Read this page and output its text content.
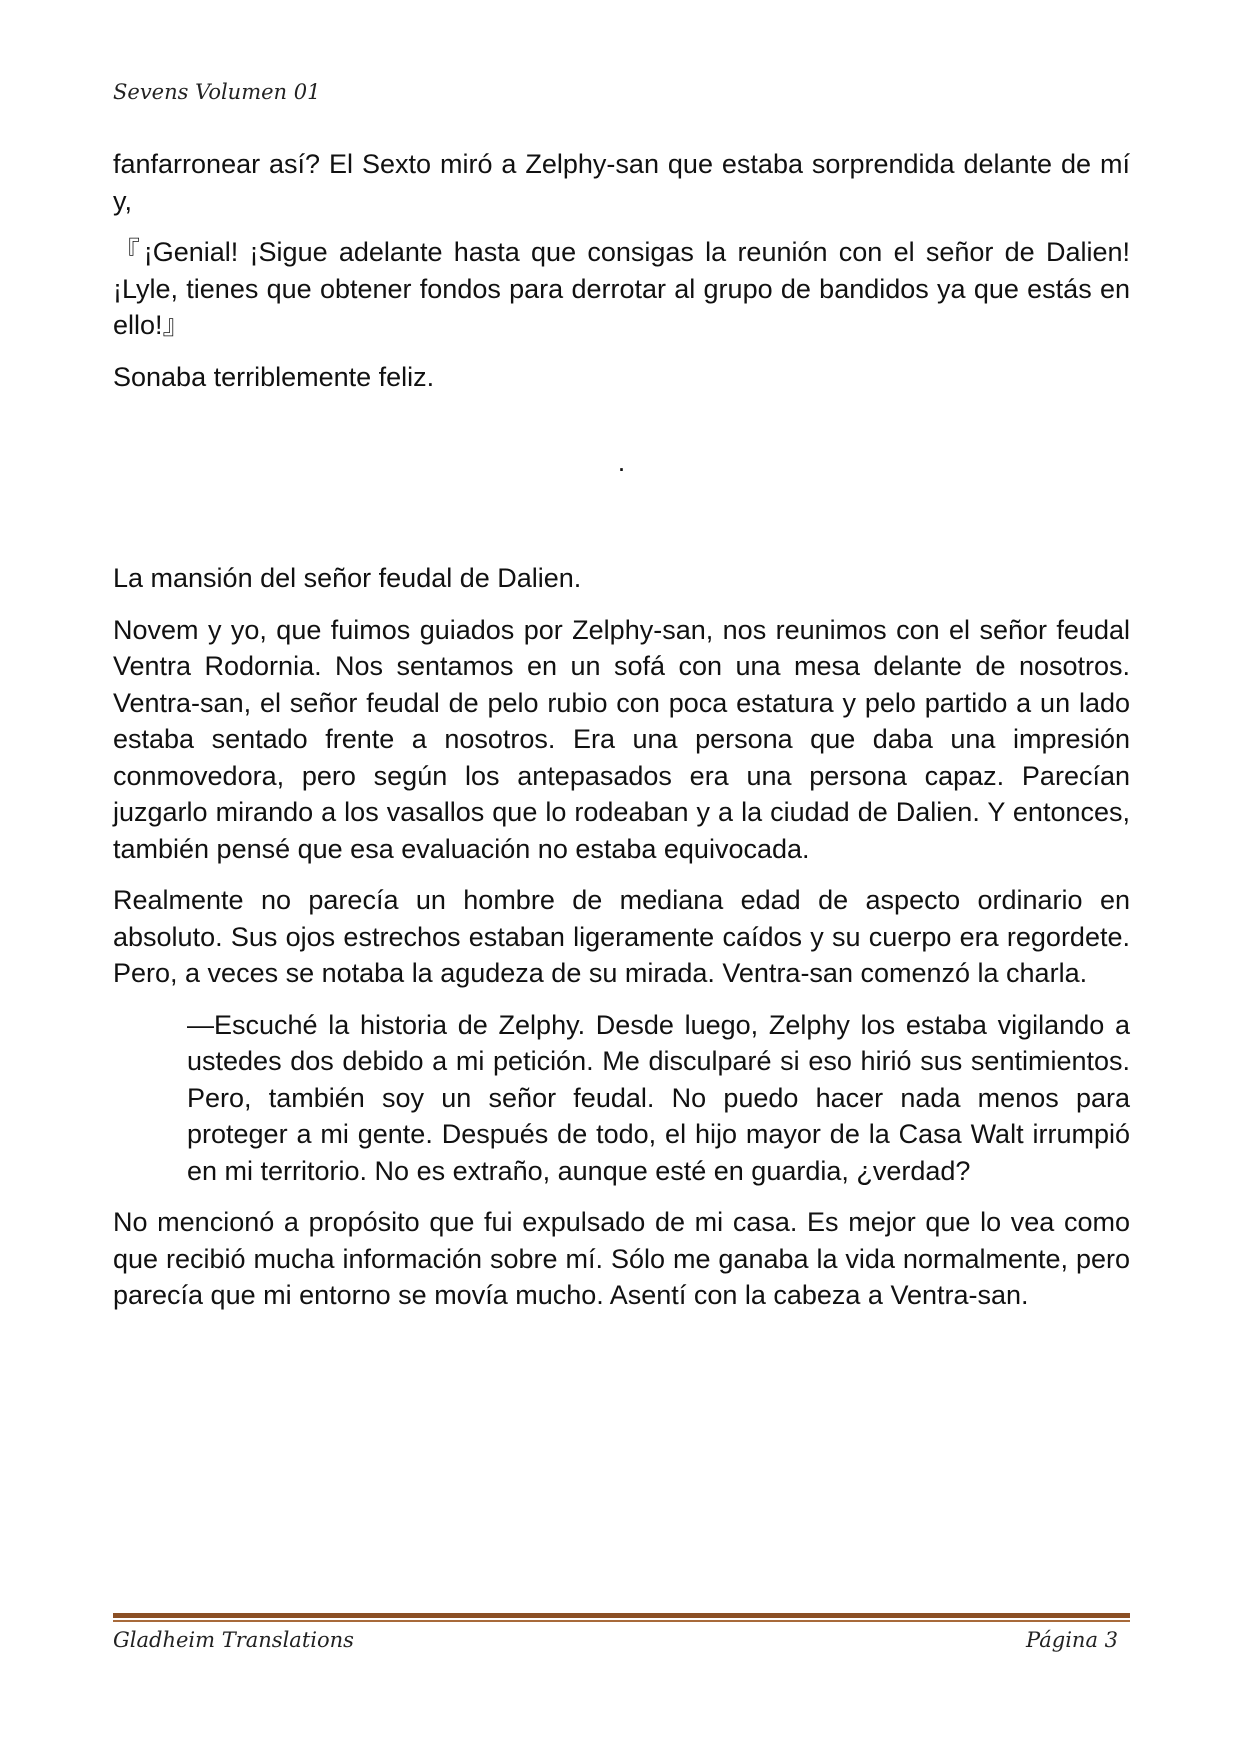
Sevens Volumen 01

fanfarronear así? El Sexto miró a Zelphy-san que estaba sorprendida delante de mí y,

『¡Genial! ¡Sigue adelante hasta que consigas la reunión con el señor de Dalien! ¡Lyle, tienes que obtener fondos para derrotar al grupo de bandidos ya que estás en ello!』

Sonaba terriblemente feliz.

.

La mansión del señor feudal de Dalien.

Novem y yo, que fuimos guiados por Zelphy-san, nos reunimos con el señor feudal Ventra Rodornia. Nos sentamos en un sofá con una mesa delante de nosotros. Ventra-san, el señor feudal de pelo rubio con poca estatura y pelo partido a un lado estaba sentado frente a nosotros. Era una persona que daba una impresión conmovedora, pero según los antepasados era una persona capaz. Parecían juzgarlo mirando a los vasallos que lo rodeaban y a la ciudad de Dalien. Y entonces, también pensé que esa evaluación no estaba equivocada.

Realmente no parecía un hombre de mediana edad de aspecto ordinario en absoluto. Sus ojos estrechos estaban ligeramente caídos y su cuerpo era regordete. Pero, a veces se notaba la agudeza de su mirada. Ventra-san comenzó la charla.

—Escuché la historia de Zelphy. Desde luego, Zelphy los estaba vigilando a ustedes dos debido a mi petición. Me disculparé si eso hirió sus sentimientos. Pero, también soy un señor feudal. No puedo hacer nada menos para proteger a mi gente. Después de todo, el hijo mayor de la Casa Walt irrumpió en mi territorio. No es extraño, aunque esté en guardia, ¿verdad?

No mencionó a propósito que fui expulsado de mi casa. Es mejor que lo vea como que recibió mucha información sobre mí. Sólo me ganaba la vida normalmente, pero parecía que mi entorno se movía mucho. Asentí con la cabeza a Ventra-san.

Gladheim Translations	Página 3
